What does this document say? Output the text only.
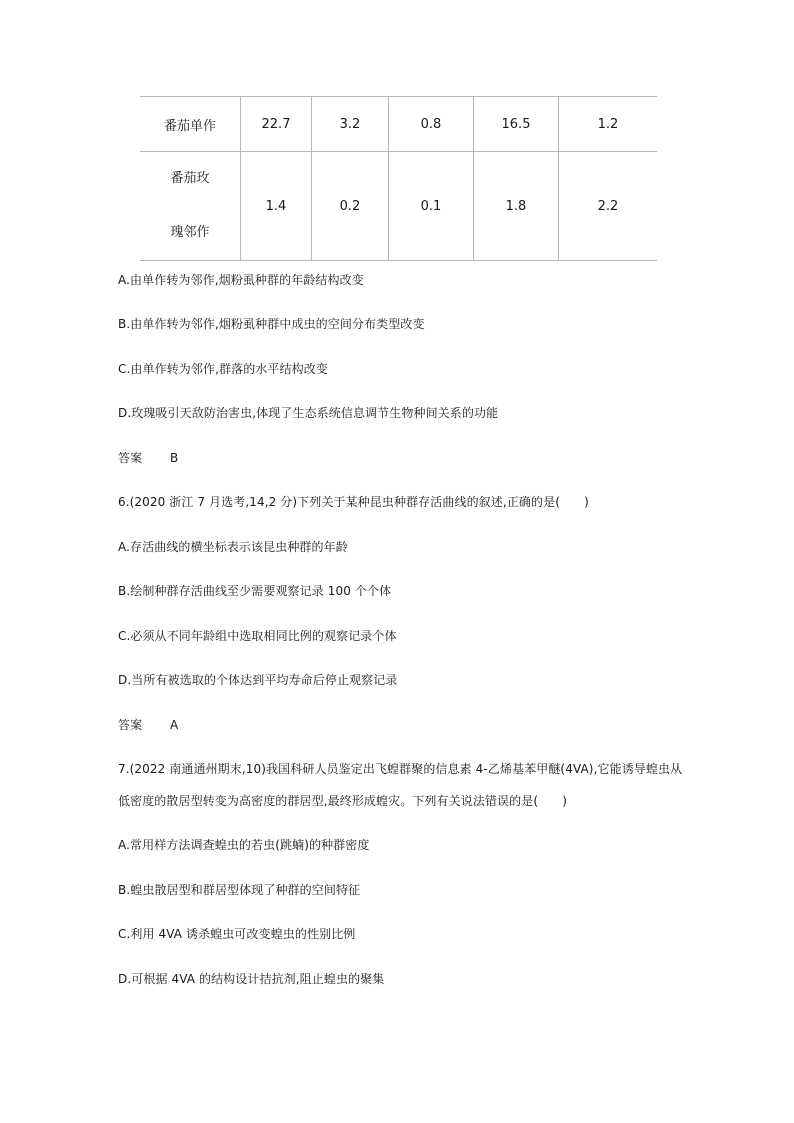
番茄单作	22.7	3.2	0.8	16.5	1.2

番茄玫
瑰邻作	1.4	0.2	0.1	1.8	2.2
A.由单作转为邻作,烟粉虱种群的年龄结构改变
B.由单作转为邻作,烟粉虱种群中成虫的空间分布类型改变
C.由单作转为邻作,群落的水平结构改变
D.玫瑰吸引天敌防治害虫,体现了生态系统信息调节生物种间关系的功能
答案 B
6.(2020 浙江 7 月选考,14,2 分)下列关于某种昆虫种群存活曲线的叙述,正确的是(　　)
A.存活曲线的横坐标表示该昆虫种群的年龄
B.绘制种群存活曲线至少需要观察记录 100 个个体
C.必须从不同年龄组中选取相同比例的观察记录个体
D.当所有被选取的个体达到平均寿命后停止观察记录
答案 A
7.(2022 南通通州期末,10)我国科研人员鉴定出飞蝗群聚的信息素 4-乙烯基苯甲醚(4VA),它能诱导蝗虫从
低密度的散居型转变为高密度的群居型,最终形成蝗灾。下列有关说法错误的是(　　)
A.常用样方法调查蝗虫的若虫(跳蝻)的种群密度
B.蝗虫散居型和群居型体现了种群的空间特征
C.利用 4VA 诱杀蝗虫可改变蝗虫的性别比例
D.可根据 4VA 的结构设计拮抗剂,阻止蝗虫的聚集
